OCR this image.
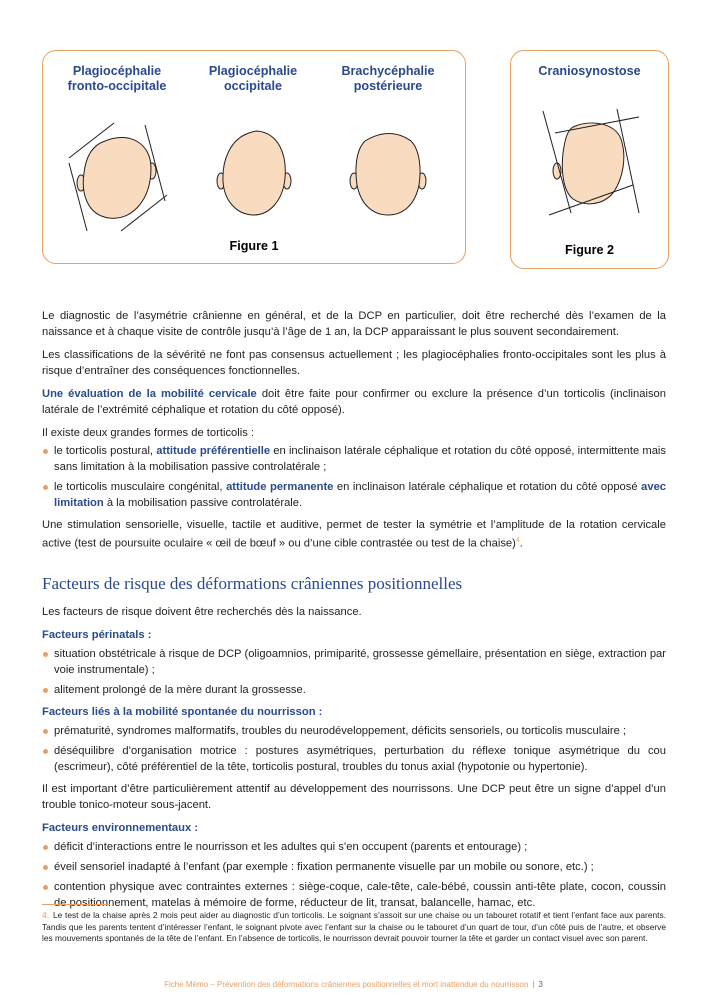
Plagiocéphalie
fronto-occipitale
Plagiocéphalie
occipitale
Brachycéphalie
postérieure
Figure 1
Craniosynostose
Figure 2

Le diagnostic de l’asymétrie crânienne en général, et de la DCP en particulier, doit être recherché dès l’examen de la naissance et à chaque visite de contrôle jusqu’à l’âge de 1 an, la DCP apparaissant le plus souvent secondairement.

Les classifications de la sévérité ne font pas consensus actuellement ; les plagiocéphalies fronto-occipitales sont les plus à risque d’entraîner des conséquences fonctionnelles.

Une évaluation de la mobilité cervicale doit être faite pour confirmer ou exclure la présence d’un torticolis (inclinaison latérale de l’extrémité céphalique et rotation du côté opposé).

Il existe deux grandes formes de torticolis :

le torticolis postural, attitude préférentielle en inclinaison latérale céphalique et rotation du côté opposé, intermittente mais sans limitation à la mobilisation passive controlatérale ;
le torticolis musculaire congénital, attitude permanente en inclinaison latérale céphalique et rotation du côté opposé avec limitation à la mobilisation passive controlatérale.

Une stimulation sensorielle, visuelle, tactile et auditive, permet de tester la symétrie et l’amplitude de la rotation cervicale active (test de poursuite oculaire « œil de bœuf » ou d’une cible contrastée ou test de la chaise)$^4$.

Facteurs de risque des déformations crâniennes positionnelles

Les facteurs de risque doivent être recherchés dès la naissance.

Facteurs périnatals :
situation obstétricale à risque de DCP (oligoamnios, primiparité, grossesse gémellaire, présentation en siège, extraction par voie instrumentale) ;
alitement prolongé de la mère durant la grossesse.
Facteurs liés à la mobilité spontanée du nourrisson :
prématurité, syndromes malformatifs, troubles du neurodéveloppement, déficits sensoriels, ou torticolis musculaire ;
déséquilibre d’organisation motrice : postures asymétriques, perturbation du réflexe tonique asymétrique du cou (escrimeur), côté préférentiel de la tête, torticolis postural, troubles du tonus axial (hypotonie ou hypertonie).

Il est important d’être particulièrement attentif au développement des nourrissons. Une DCP peut être un signe d’appel d’un trouble tonico-moteur sous-jacent.

Facteurs environnementaux :
déficit d’interactions entre le nourrisson et les adultes qui s’en occupent (parents et entourage) ;
éveil sensoriel inadapté à l’enfant (par exemple : fixation permanente visuelle par un mobile ou sonore, etc.) ;
contention physique avec contraintes externes : siège-coque, cale-tête, cale-bébé, coussin anti-tête plate, cocon, coussin de positionnement, matelas à mémoire de forme, réducteur de lit, transat, balancelle, hamac, etc.
4. Le test de la chaise après 2 mois peut aider au diagnostic d’un torticolis. Le soignant s’assoit sur une chaise ou un tabouret rotatif et tient l’enfant face aux parents. Tandis que les parents tentent d’intéresser l’enfant, le soignant pivote avec l’enfant sur la chaise ou le tabouret d’un quart de tour, d’un côté puis de l’autre, et observe les mouvements spontanés de la tête de l’enfant. En l’absence de torticolis, le nourrisson devrait pouvoir tourner la tête et garder un contact visuel avec son parent.
Fiche Mémo – Prévention des déformations crâniennes positionnelles et mort inattendue du nourrisson | 3
